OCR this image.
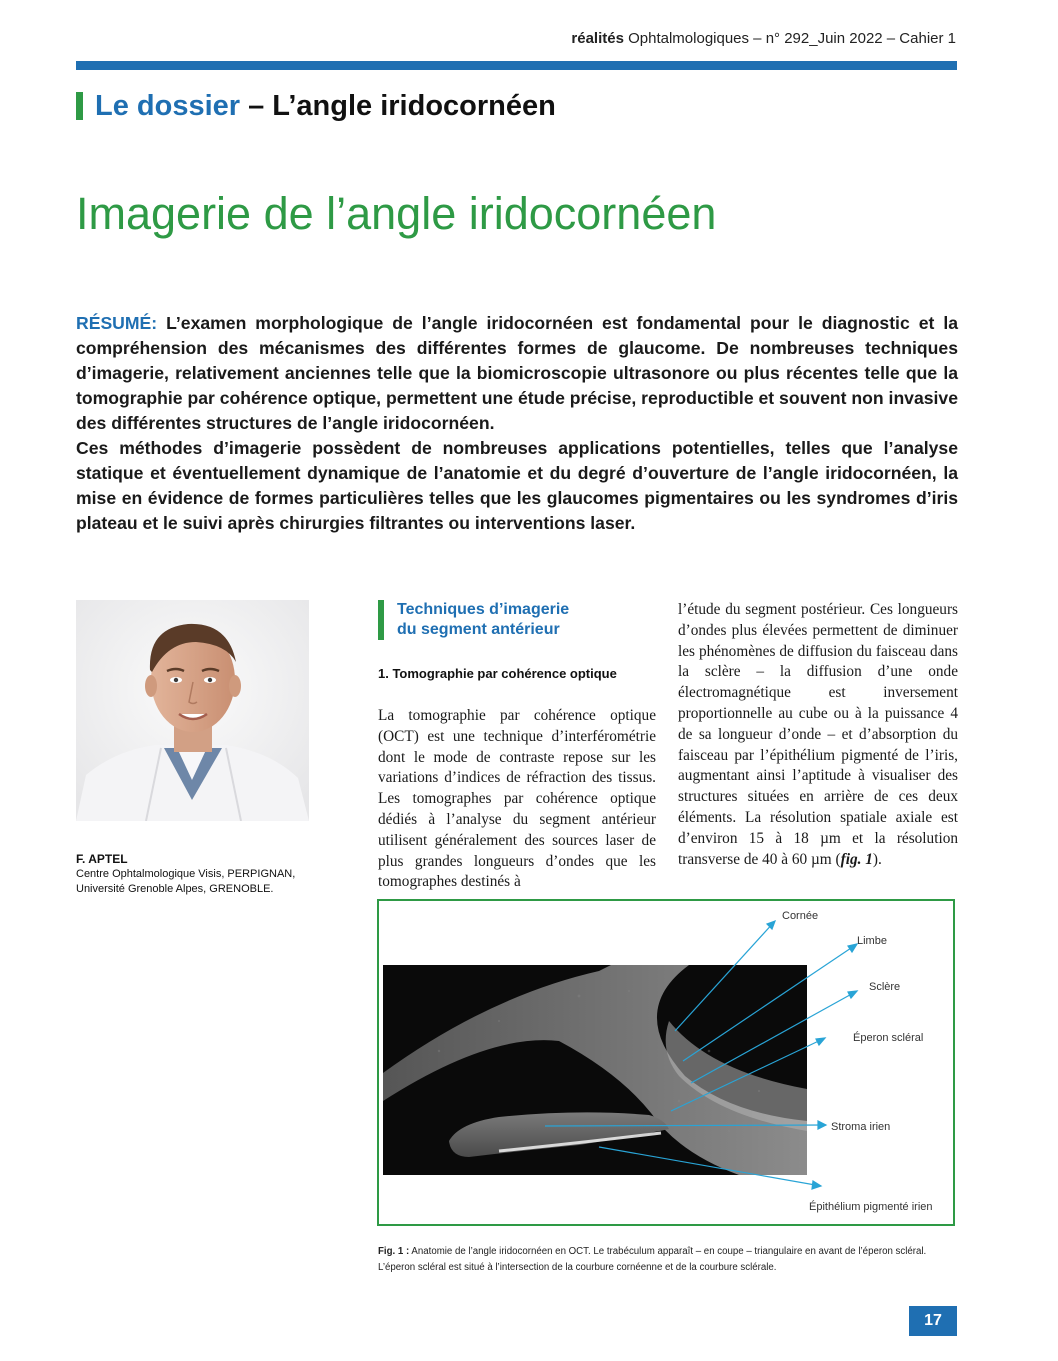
réalités Ophtalmologiques – n° 292_Juin 2022 – Cahier 1
Le dossier – L’angle iridocornéen
Imagerie de l’angle iridocornéen

RÉSUMÉ: L’examen morphologique de l’angle iridocornéen est fondamental pour le diagnostic et la compréhension des mécanismes des différentes formes de glaucome. De nombreuses techniques d’imagerie, relativement anciennes telle que la biomicroscopie ultrasonore ou plus récentes telle que la tomographie par cohérence optique, permettent une étude précise, reproductible et souvent non invasive des différentes structures de l’angle iridocornéen.

Ces méthodes d’imagerie possèdent de nombreuses applications potentielles, telles que l’analyse statique et éventuellement dynamique de l’anatomie et du degré d’ouverture de l’angle iridocornéen, la mise en évidence de formes particulières telles que les glaucomes pigmentaires ou les syndromes d’iris plateau et le suivi après chirurgies filtrantes ou interventions laser.

F. APTEL
Centre Ophtalmologique Visis, PERPIGNAN,
Université Grenoble Alpes, GRENOBLE.
Techniques d’imagerie
du segment antérieur
1. Tomographie par cohérence optique

La tomographie par cohérence optique (OCT) est une technique d’interférométrie dont le mode de contraste repose sur les variations d’indices de réfraction des tissus. Les tomographes par cohérence optique dédiés à l’analyse du segment antérieur utilisent généralement des sources laser de plus grandes longueurs d’ondes que les tomographes destinés à

l’étude du segment postérieur. Ces longueurs d’ondes plus élevées permettent de diminuer les phénomènes de diffusion du faisceau dans la sclère – la diffusion d’une onde électromagnétique est inversement proportionnelle au cube ou à la puissance 4 de sa longueur d’onde – et d’absorption du faisceau par l’épithélium pigmenté de l’iris, augmentant ainsi l’aptitude à visualiser des structures situées en arrière de ces deux éléments. La résolution spatiale axiale est d’environ 15 à 18 µm et la résolution transverse de 40 à 60 µm (fig. 1).

Cornée
Limbe
Sclère
Éperon scléral
Stroma irien
Épithélium pigmenté irien
Fig. 1 : Anatomie de l’angle iridocornéen en OCT. Le trabéculum apparaît – en coupe – triangulaire en avant de l’éperon scléral. L’éperon scléral est situé à l’intersection de la courbure cornéenne et de la courbure sclérale.
17
